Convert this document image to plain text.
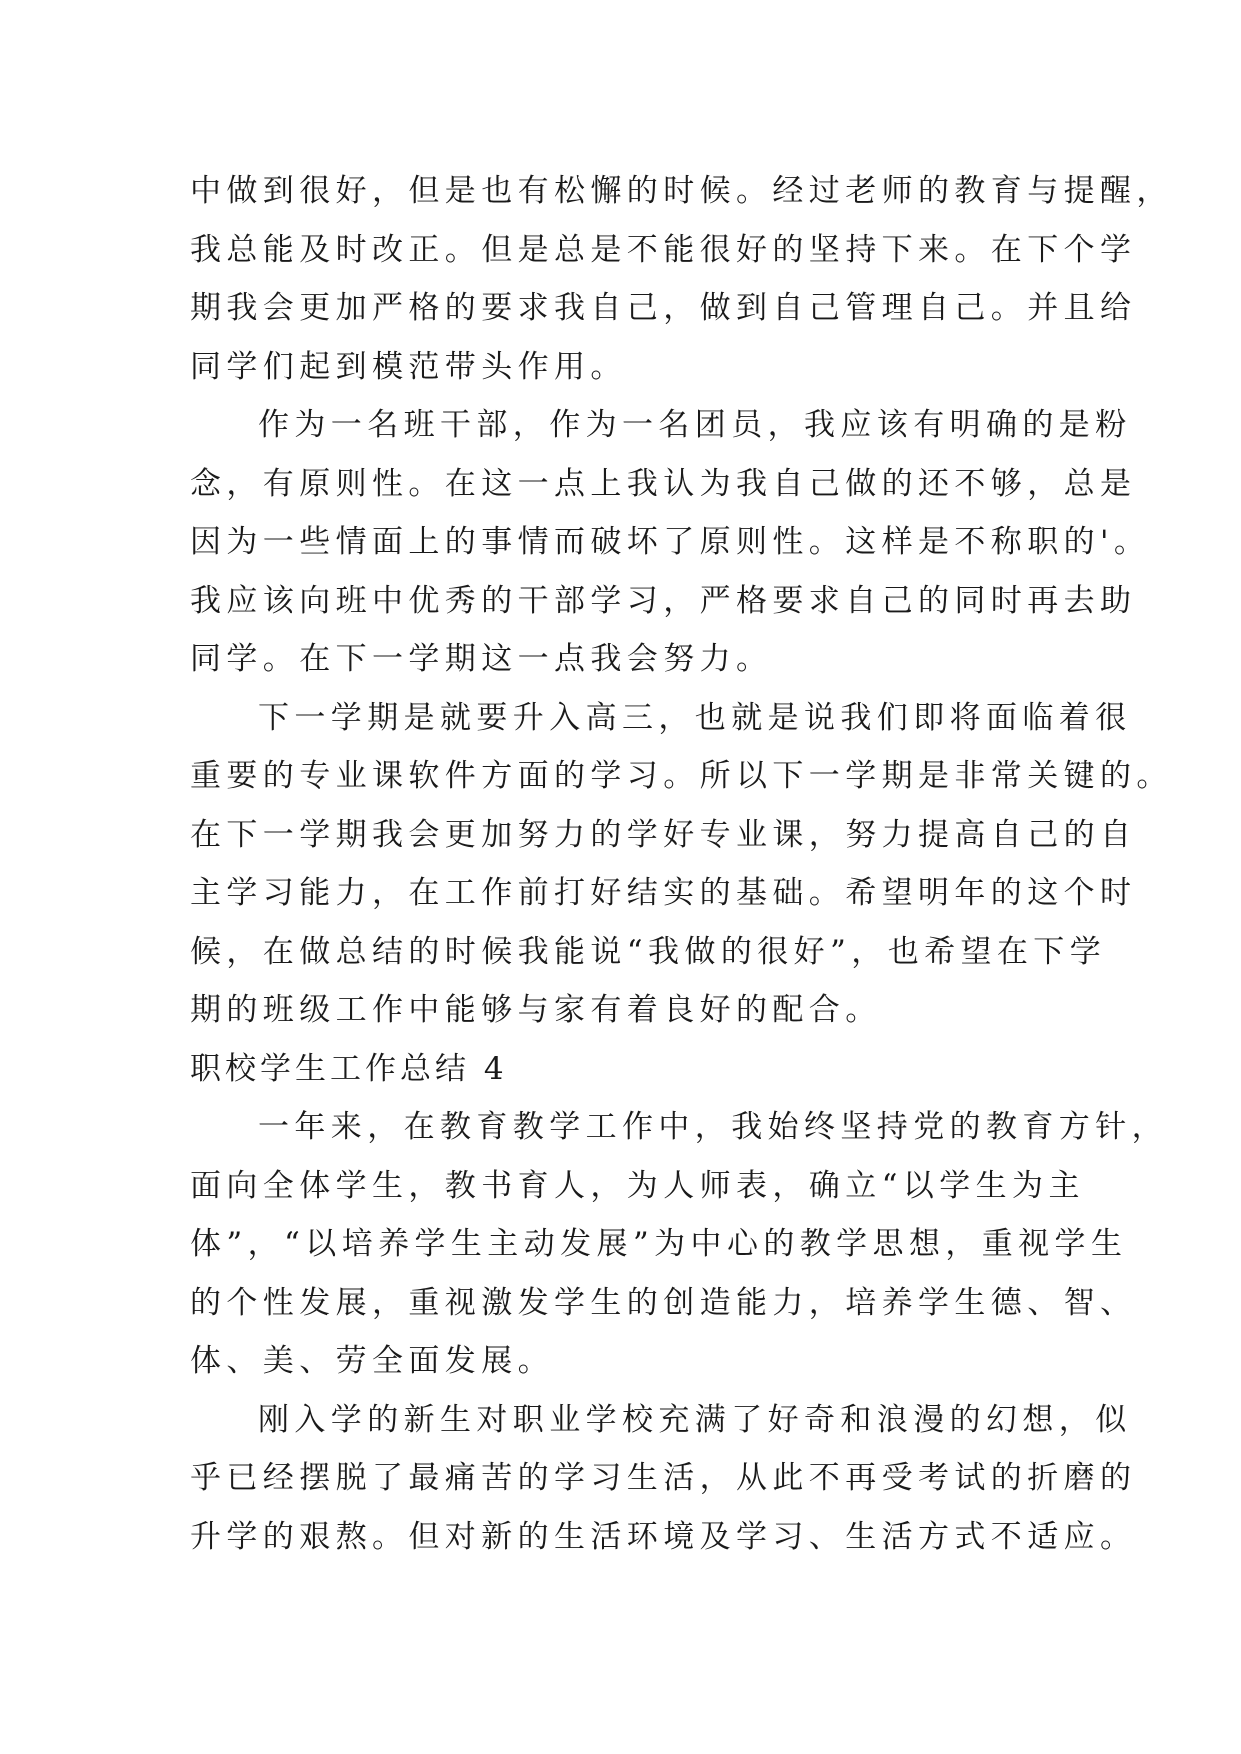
中做到很好，但是也有松懈的时候。经过老师的教育与提醒，
我总能及时改正。但是总是不能很好的坚持下来。在下个学
期我会更加严格的要求我自己，做到自己管理自己。并且给
同学们起到模范带头作用。
作为一名班干部，作为一名团员，我应该有明确的是粉
念，有原则性。在这一点上我认为我自己做的还不够，总是
因为一些情面上的事情而破坏了原则性。这样是不称职的'。
我应该向班中优秀的干部学习，严格要求自己的同时再去助
同学。在下一学期这一点我会努力。
下一学期是就要升入高三，也就是说我们即将面临着很
重要的专业课软件方面的学习。所以下一学期是非常关键的。
在下一学期我会更加努力的学好专业课，努力提高自己的自
主学习能力，在工作前打好结实的基础。希望明年的这个时
候，在做总结的时候我能说“我做的很好”，也希望在下学
期的班级工作中能够与家有着良好的配合。
职校学生工作总结 4
一年来，在教育教学工作中，我始终坚持党的教育方针，
面向全体学生，教书育人，为人师表，确立“以学生为主
体”，“以培养学生主动发展”为中心的教学思想，重视学生
的个性发展，重视激发学生的创造能力，培养学生德、智、
体、美、劳全面发展。
刚入学的新生对职业学校充满了好奇和浪漫的幻想，似
乎已经摆脱了最痛苦的学习生活，从此不再受考试的折磨的
升学的艰熬。但对新的生活环境及学习、生活方式不适应。
